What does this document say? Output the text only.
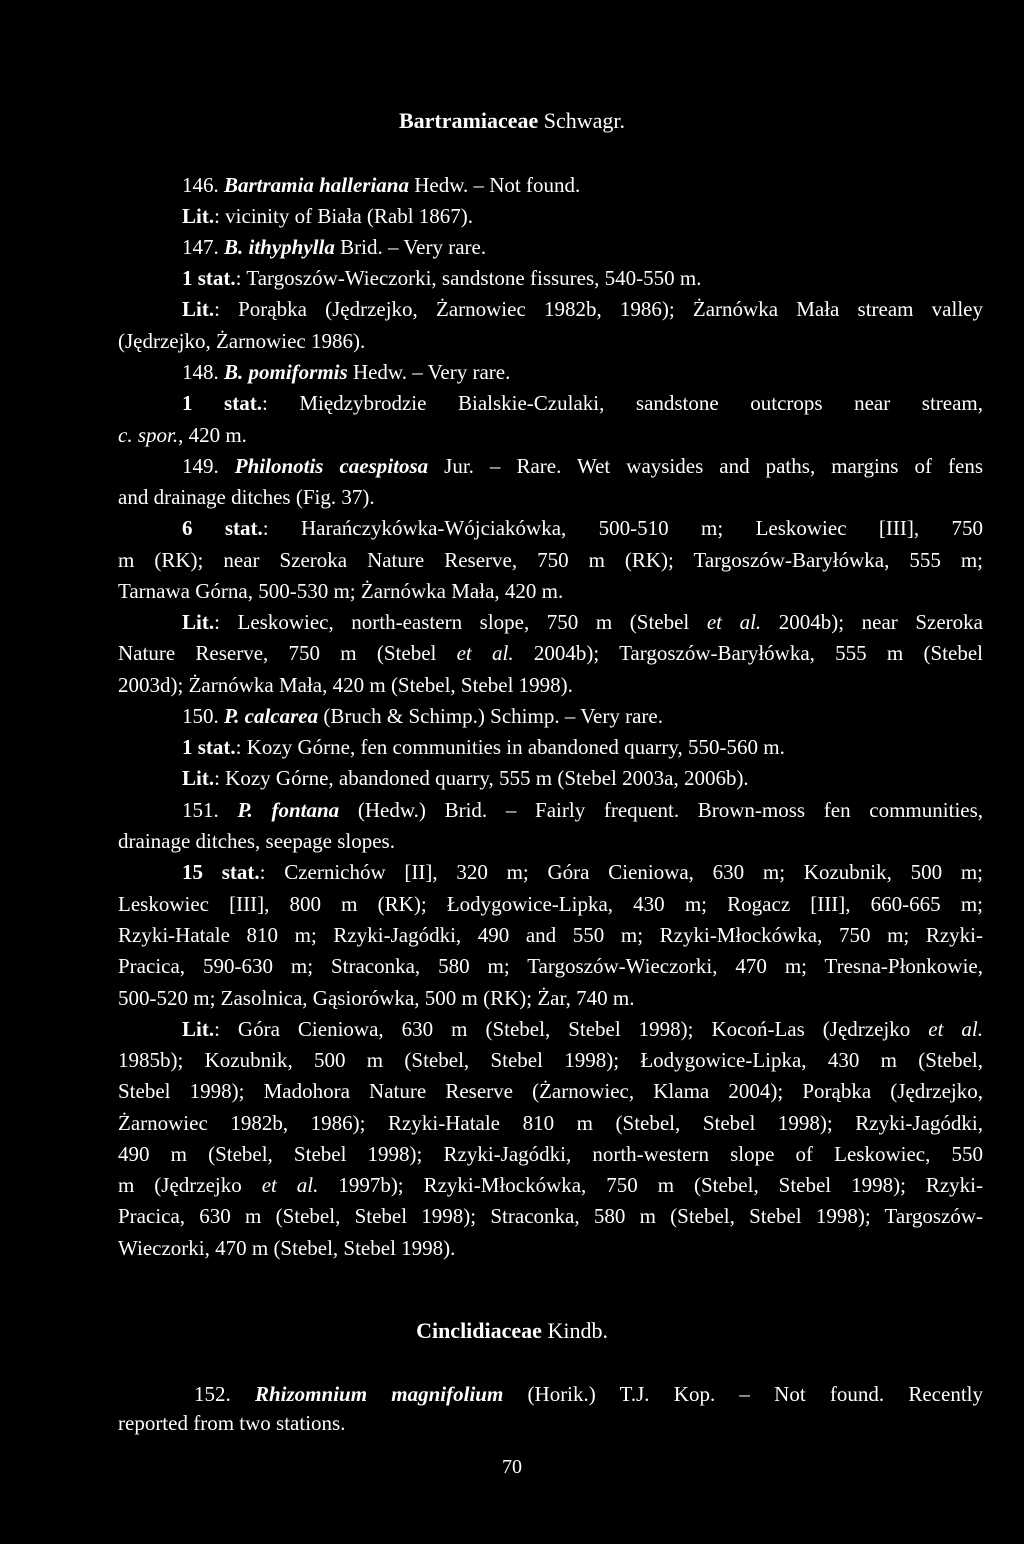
Bartramiaceae Schwagr.
146. Bartramia halleriana Hedw. – Not found.
Lit.: vicinity of Biała (Rabl 1867).
147. B. ithyphylla Brid. – Very rare.
1 stat.: Targoszów-Wieczorki, sandstone fissures, 540-550 m.
Lit.: Porąbka (Jędrzejko, Żarnowiec 1982b, 1986); Żarnówka Mała stream valley
(Jędrzejko, Żarnowiec 1986).
148. B. pomiformis Hedw. – Very rare.
1 stat.: Międzybrodzie Bialskie-Czulaki, sandstone outcrops near stream,
c. spor., 420 m.
149. Philonotis caespitosa Jur. – Rare. Wet waysides and paths, margins of fens
and drainage ditches (Fig. 37).
6 stat.: Harańczykówka-Wójciakówka, 500-510 m; Leskowiec [III], 750
m (RK); near Szeroka Nature Reserve, 750 m (RK); Targoszów-Baryłówka, 555 m;
Tarnawa Górna, 500-530 m; Żarnówka Mała, 420 m.
Lit.: Leskowiec, north-eastern slope, 750 m (Stebel et al. 2004b); near Szeroka
Nature Reserve, 750 m (Stebel et al. 2004b); Targoszów-Baryłówka, 555 m (Stebel
2003d); Żarnówka Mała, 420 m (Stebel, Stebel 1998).
150. P. calcarea (Bruch & Schimp.) Schimp. – Very rare.
1 stat.: Kozy Górne, fen communities in abandoned quarry, 550-560 m.
Lit.: Kozy Górne, abandoned quarry, 555 m (Stebel 2003a, 2006b).
151. P. fontana (Hedw.) Brid. – Fairly frequent. Brown-moss fen communities,
drainage ditches, seepage slopes.
15 stat.: Czernichów [II], 320 m; Góra Cieniowa, 630 m; Kozubnik, 500 m;
Leskowiec [III], 800 m (RK); Łodygowice-Lipka, 430 m; Rogacz [III], 660-665 m;
Rzyki-Hatale 810 m; Rzyki-Jagódki, 490 and 550 m; Rzyki-Młockówka, 750 m; Rzyki-
Pracica, 590-630 m; Straconka, 580 m; Targoszów-Wieczorki, 470 m; Tresna-Płonkowie,
500-520 m; Zasolnica, Gąsiorówka, 500 m (RK); Żar, 740 m.
Lit.: Góra Cieniowa, 630 m (Stebel, Stebel 1998); Kocoń-Las (Jędrzejko et al.
1985b); Kozubnik, 500 m (Stebel, Stebel 1998); Łodygowice-Lipka, 430 m (Stebel,
Stebel 1998); Madohora Nature Reserve (Żarnowiec, Klama 2004); Porąbka (Jędrzejko,
Żarnowiec 1982b, 1986); Rzyki-Hatale 810 m (Stebel, Stebel 1998); Rzyki-Jagódki,
490 m (Stebel, Stebel 1998); Rzyki-Jagódki, north-western slope of Leskowiec, 550
m (Jędrzejko et al. 1997b); Rzyki-Młockówka, 750 m (Stebel, Stebel 1998); Rzyki-
Pracica, 630 m (Stebel, Stebel 1998); Straconka, 580 m (Stebel, Stebel 1998); Targoszów-
Wieczorki, 470 m (Stebel, Stebel 1998).
Cinclidiaceae Kindb.
152. Rhizomnium magnifolium (Horik.) T.J. Kop. – Not found. Recently
reported from two stations.
70
